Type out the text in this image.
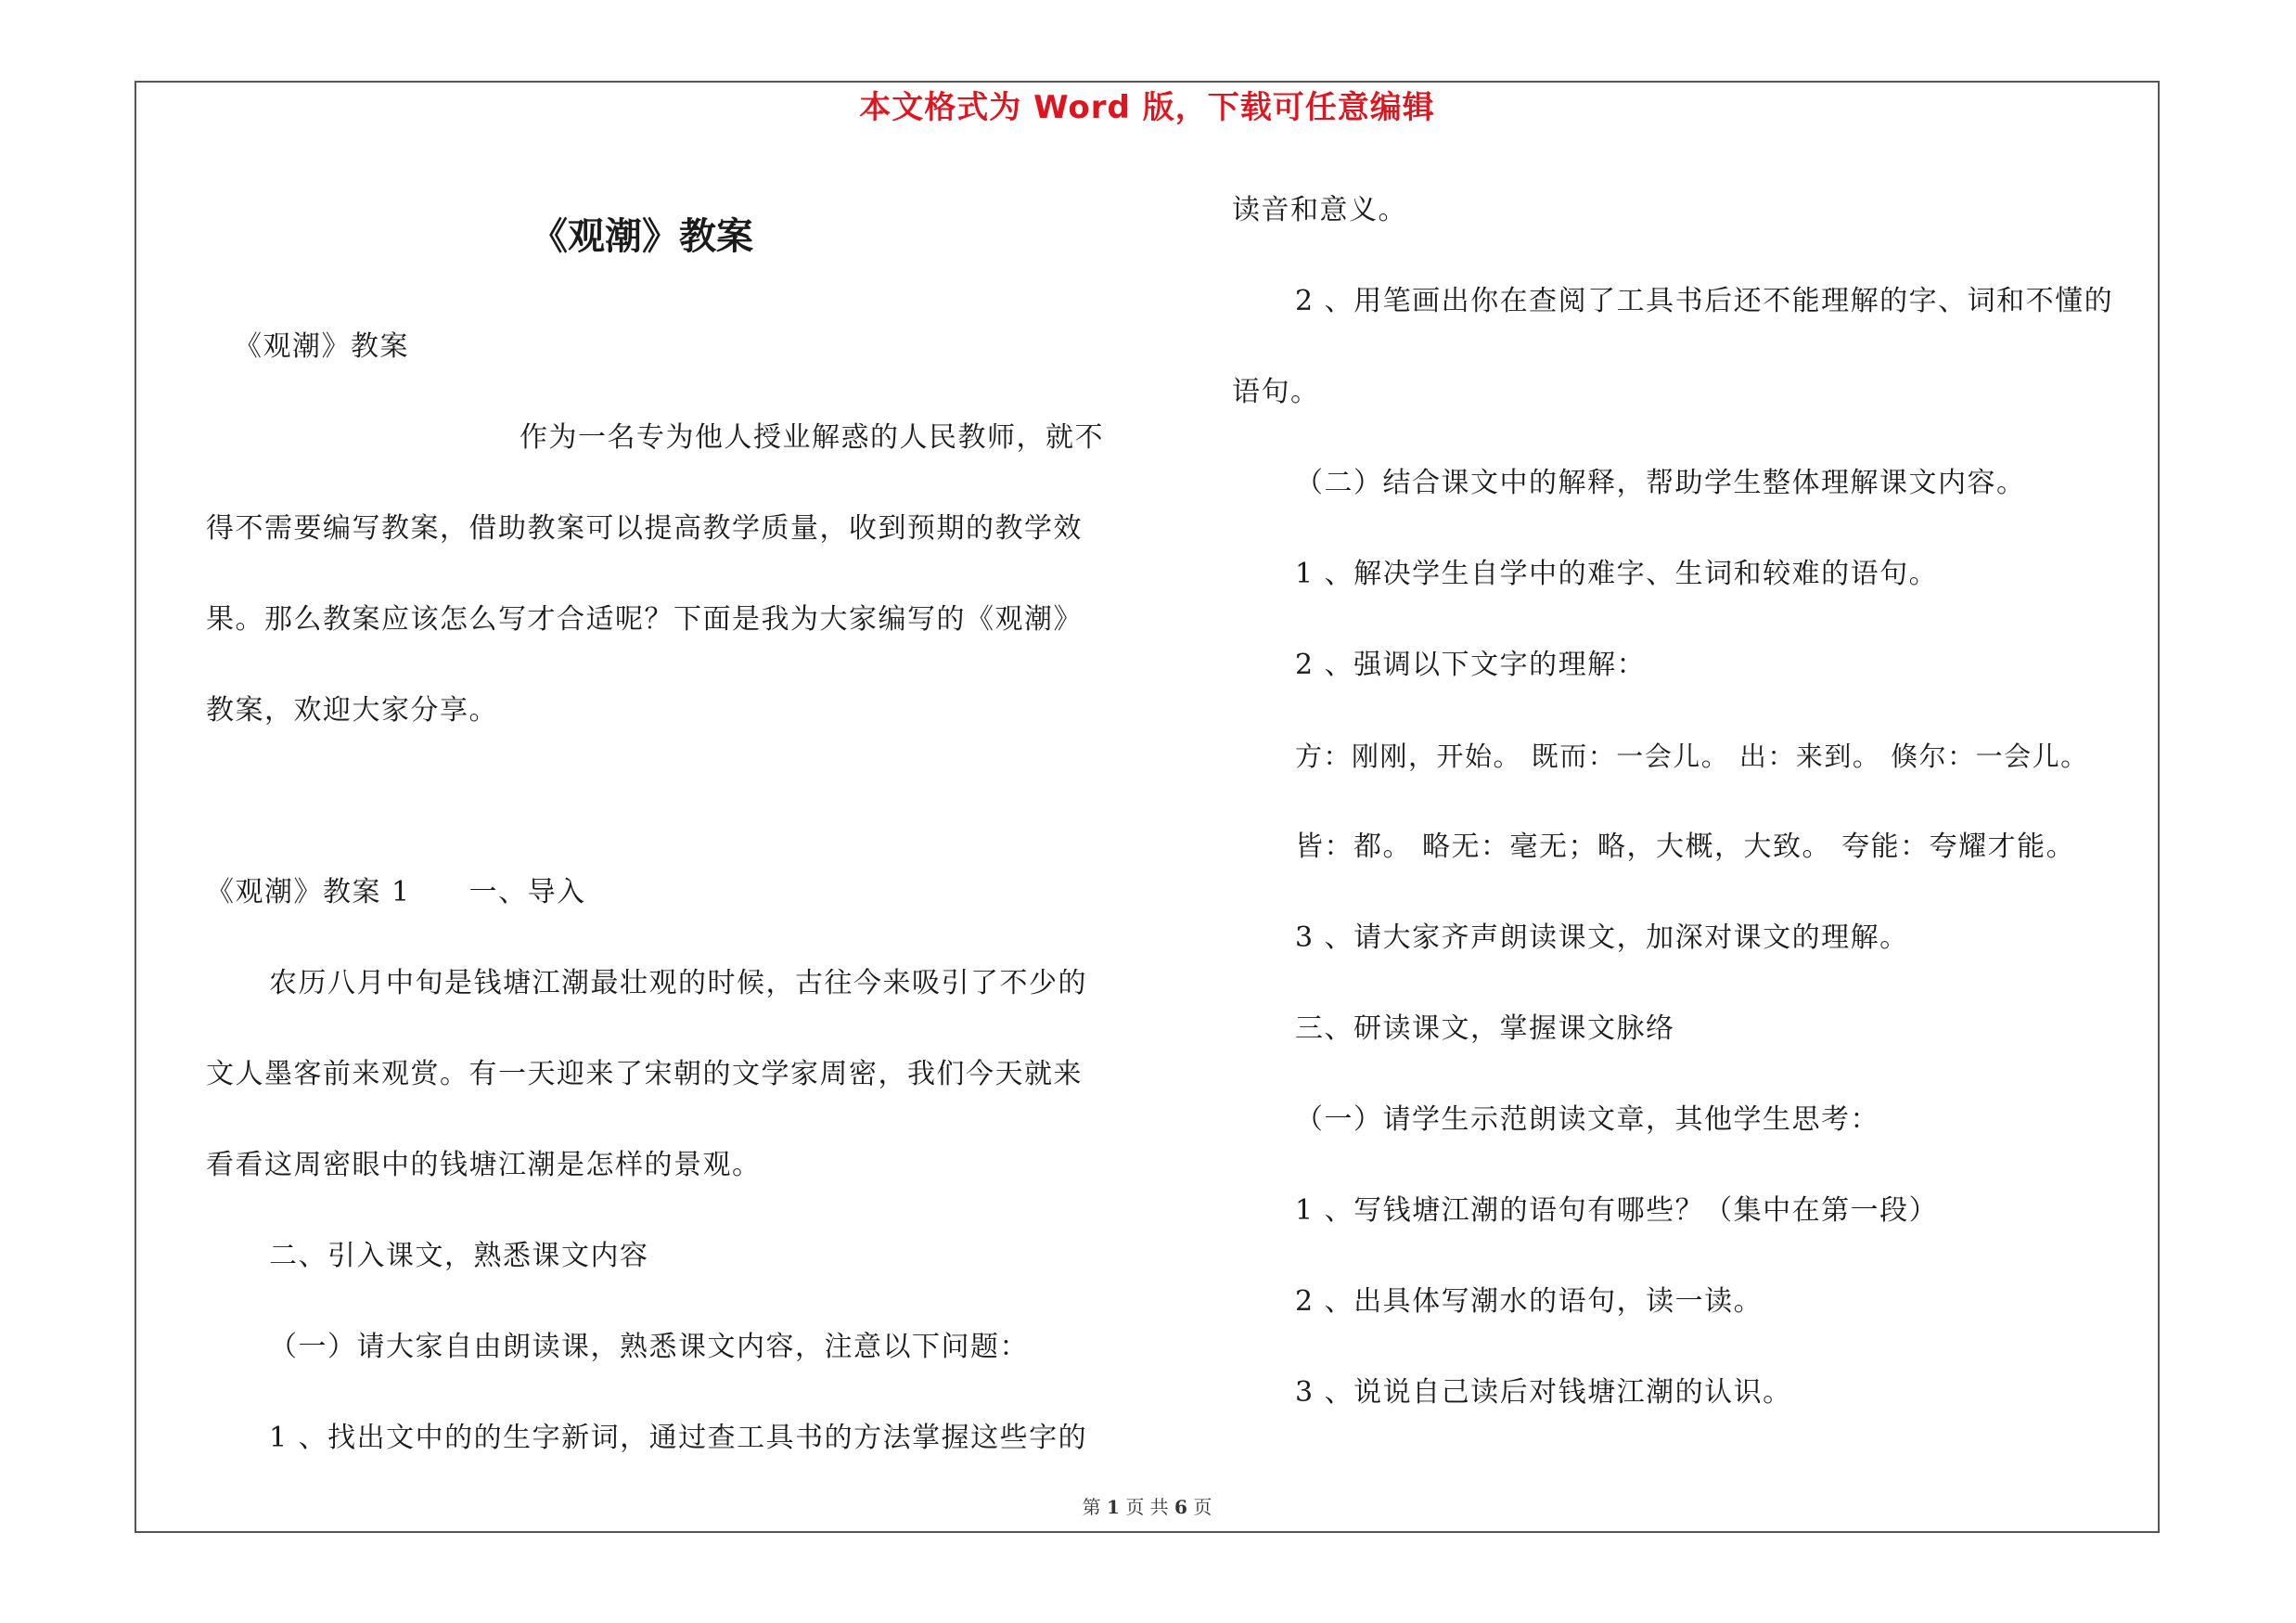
本文格式为 Word 版，下载可任意编辑
《观潮》教案
《观潮》教案
作为一名专为他人授业解惑的人民教师，就不
得不需要编写教案，借助教案可以提高教学质量，收到预期的教学效
果。那么教案应该怎么写才合适呢？下面是我为大家编写的《观潮》
教案，欢迎大家分享。
《观潮》教案 1　　一、导入
农历八月中旬是钱塘江潮最壮观的时候，古往今来吸引了不少的
文人墨客前来观赏。有一天迎来了宋朝的文学家周密，我们今天就来
看看这周密眼中的钱塘江潮是怎样的景观。
二、引入课文，熟悉课文内容
（一）请大家自由朗读课，熟悉课文内容，注意以下问题：
1 、找出文中的的生字新词，通过查工具书的方法掌握这些字的
读音和意义。
2 、用笔画出你在查阅了工具书后还不能理解的字、词和不懂的
语句。
（二）结合课文中的解释，帮助学生整体理解课文内容。
1 、解决学生自学中的难字、生词和较难的语句。
2 、强调以下文字的理解：
方：刚刚，开始。 既而：一会儿。 出：来到。 倏尔：一会儿。
皆：都。 略无：毫无；略，大概，大致。 夸能：夸耀才能。
3 、请大家齐声朗读课文，加深对课文的理解。
三、研读课文，掌握课文脉络
（一）请学生示范朗读文章，其他学生思考：
1 、写钱塘江潮的语句有哪些？（集中在第一段）
2 、出具体写潮水的语句，读一读。
3 、说说自己读后对钱塘江潮的认识。
第 1 页 共 6 页
